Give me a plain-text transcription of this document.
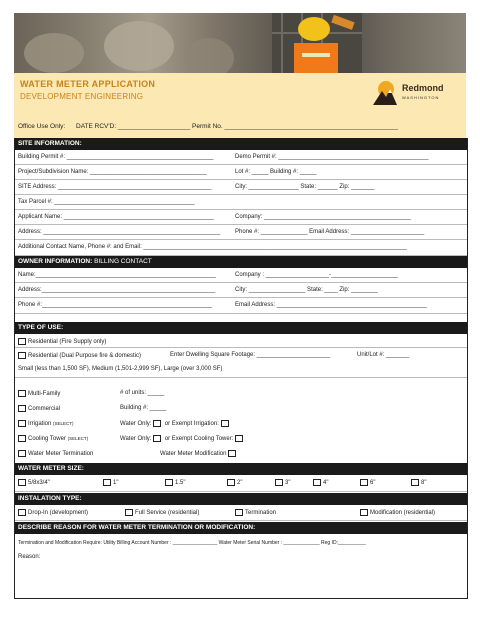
WATER METER APPLICATION
DEVELOPMENT ENGINEERING
Redmond
WASHINGTON
Office Use Only: DATE RCV'D: ____________________ Permit No. ________________________________________________
SITE INFORMATION:
Building Permit #: ____________________________________________	Demo Permit #: _____________________________________________
Project/Subdivision Name: ___________________________________	Lot #: _____ Building #: _____
SITE Address: ______________________________________________	City: _______________ State: ______ Zip: _______
Tax Parcel #: __________________________________________
Applicant Name: _____________________________________________	Company: ____________________________________________
Address: _____________________________________________________ Phone #: ______________ Email Address: ______________________
Additional Contact Name, Phone #: and Email: _______________________________________________________________________________
OWNER INFORMATION: BILLING CONTACT
Name:______________________________________________________	Company : ___________________-____________________
Address:____________________________________________________	City: _________________ State: ____ Zip: ________
Phone #:___________________________________________________	Email Address: _____________________________________________
TYPE OF USE:
Residential (Fire Supply only)
Residential (Dual Purpose fire & domestic)	Enter Dwelling Square Footage: ______________________	Unit/Lot #: _______
Small (less than 1,500 SF), Medium (1,501-2,999 SF), Large (over 3,000 SF)
Multi-Family	# of units: _____
Commercial	Building #: _____
Irrigation (SELECT)	Water Only: or Exempt Irrigation:
Cooling Tower (SELECT)	Water Only: or Exempt Cooling Tower:
Water Meter Termination	Water Meter Modification
WATER METER SIZE:
5/8x3/4"	1"	1.5"	2"	3"	4"	6"	8"
INSTALATION TYPE:
Drop-In (development)	Full Service (residential)	Termination	Modification (residential)
DESCRIBE REASON FOR WATER METER TERMINATION OR MODIFICATION:
Termination and Modification Require: Utility Billing Account Number : ________________ Water Meter Serial Number : _____________ Reg ID:__________
Reason:
